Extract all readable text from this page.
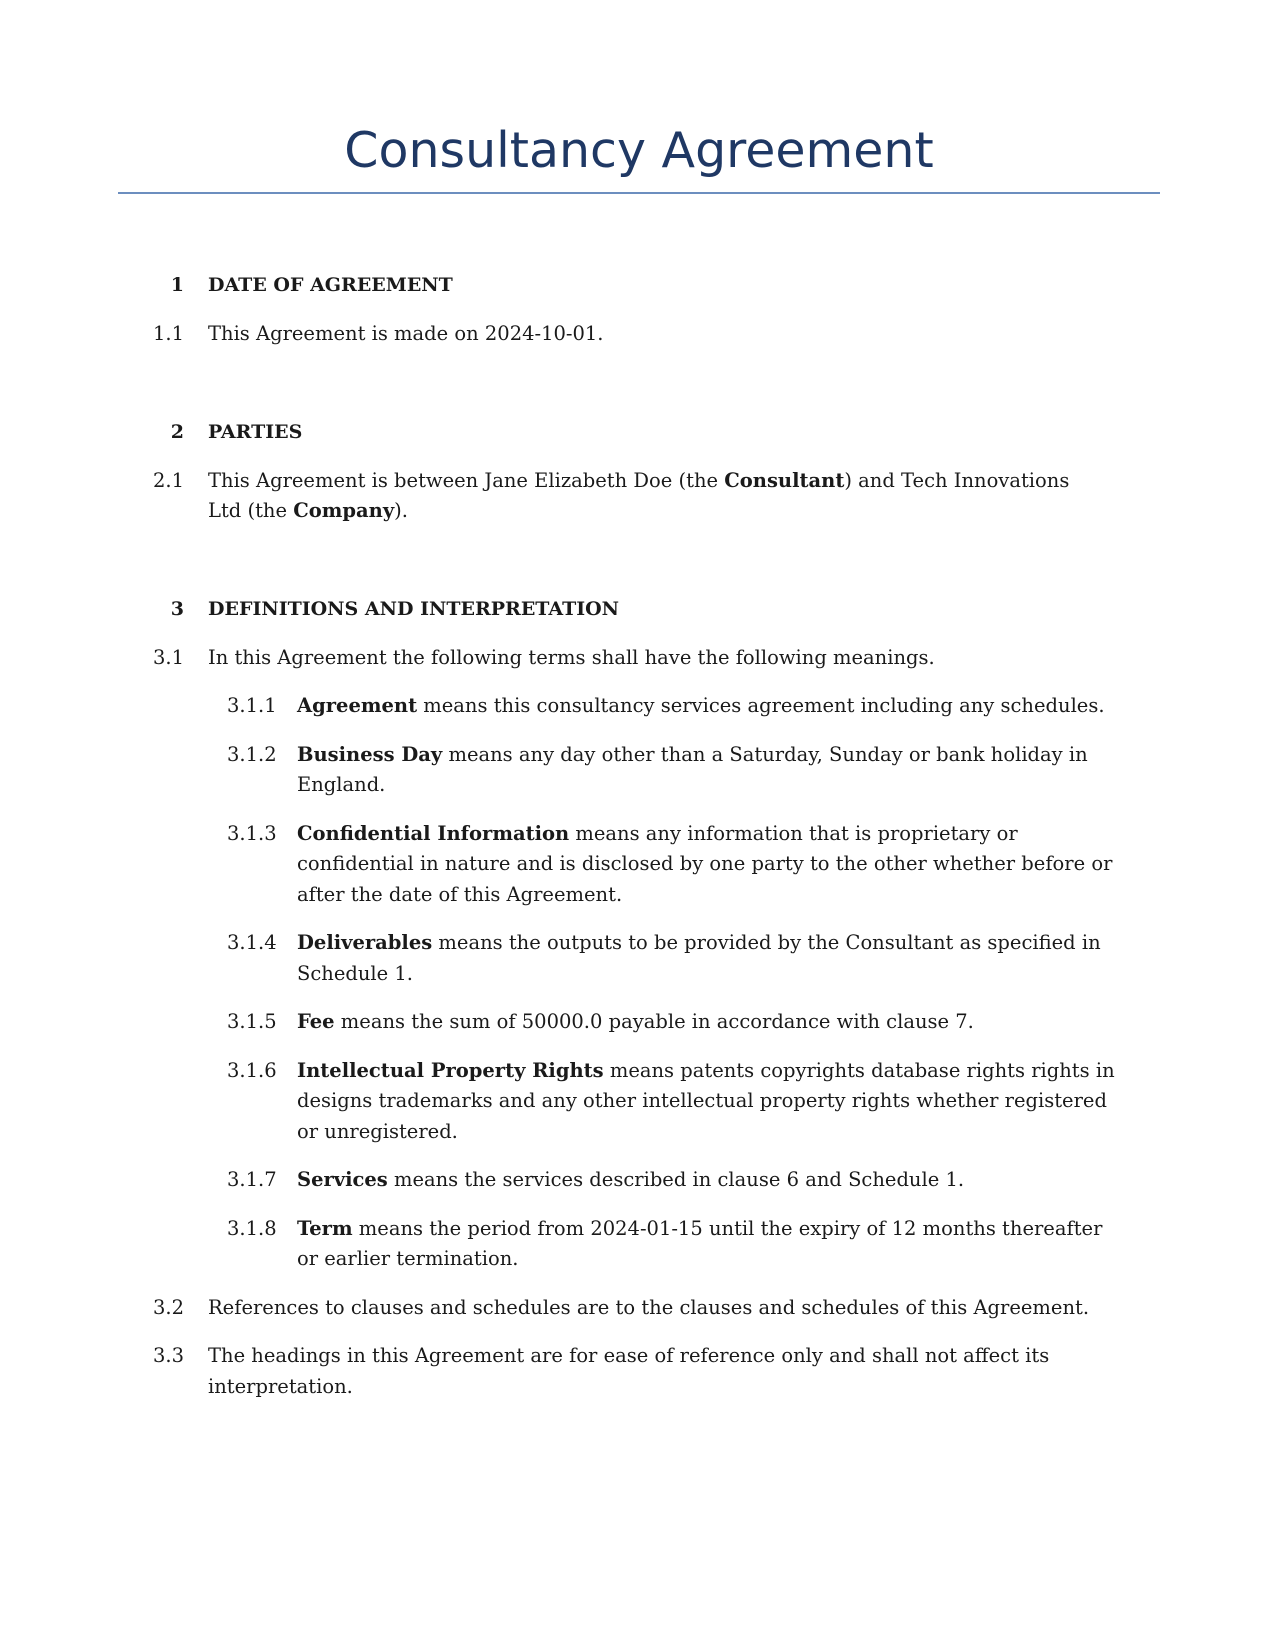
Consultancy Agreement
1 DATE OF AGREEMENT
1.1 This Agreement is made on 2024-10-01.
2 PARTIES
2.1 This Agreement is between Jane Elizabeth Doe (the Consultant) and Tech Innovations Ltd (the Company).
3 DEFINITIONS AND INTERPRETATION
3.1 In this Agreement the following terms shall have the following meanings.
3.1.1 Agreement means this consultancy services agreement including any schedules.
3.1.2 Business Day means any day other than a Saturday, Sunday or bank holiday in England.
3.1.3 Confidential Information means any information that is proprietary or confidential in nature and is disclosed by one party to the other whether before or after the date of this Agreement.
3.1.4 Deliverables means the outputs to be provided by the Consultant as specified in Schedule 1.
3.1.5 Fee means the sum of 50000.0 payable in accordance with clause 7.
3.1.6 Intellectual Property Rights means patents copyrights database rights rights in designs trademarks and any other intellectual property rights whether registered or unregistered.
3.1.7 Services means the services described in clause 6 and Schedule 1.
3.1.8 Term means the period from 2024-01-15 until the expiry of 12 months thereafter or earlier termination.
3.2 References to clauses and schedules are to the clauses and schedules of this Agreement.
3.3 The headings in this Agreement are for ease of reference only and shall not affect its interpretation.
